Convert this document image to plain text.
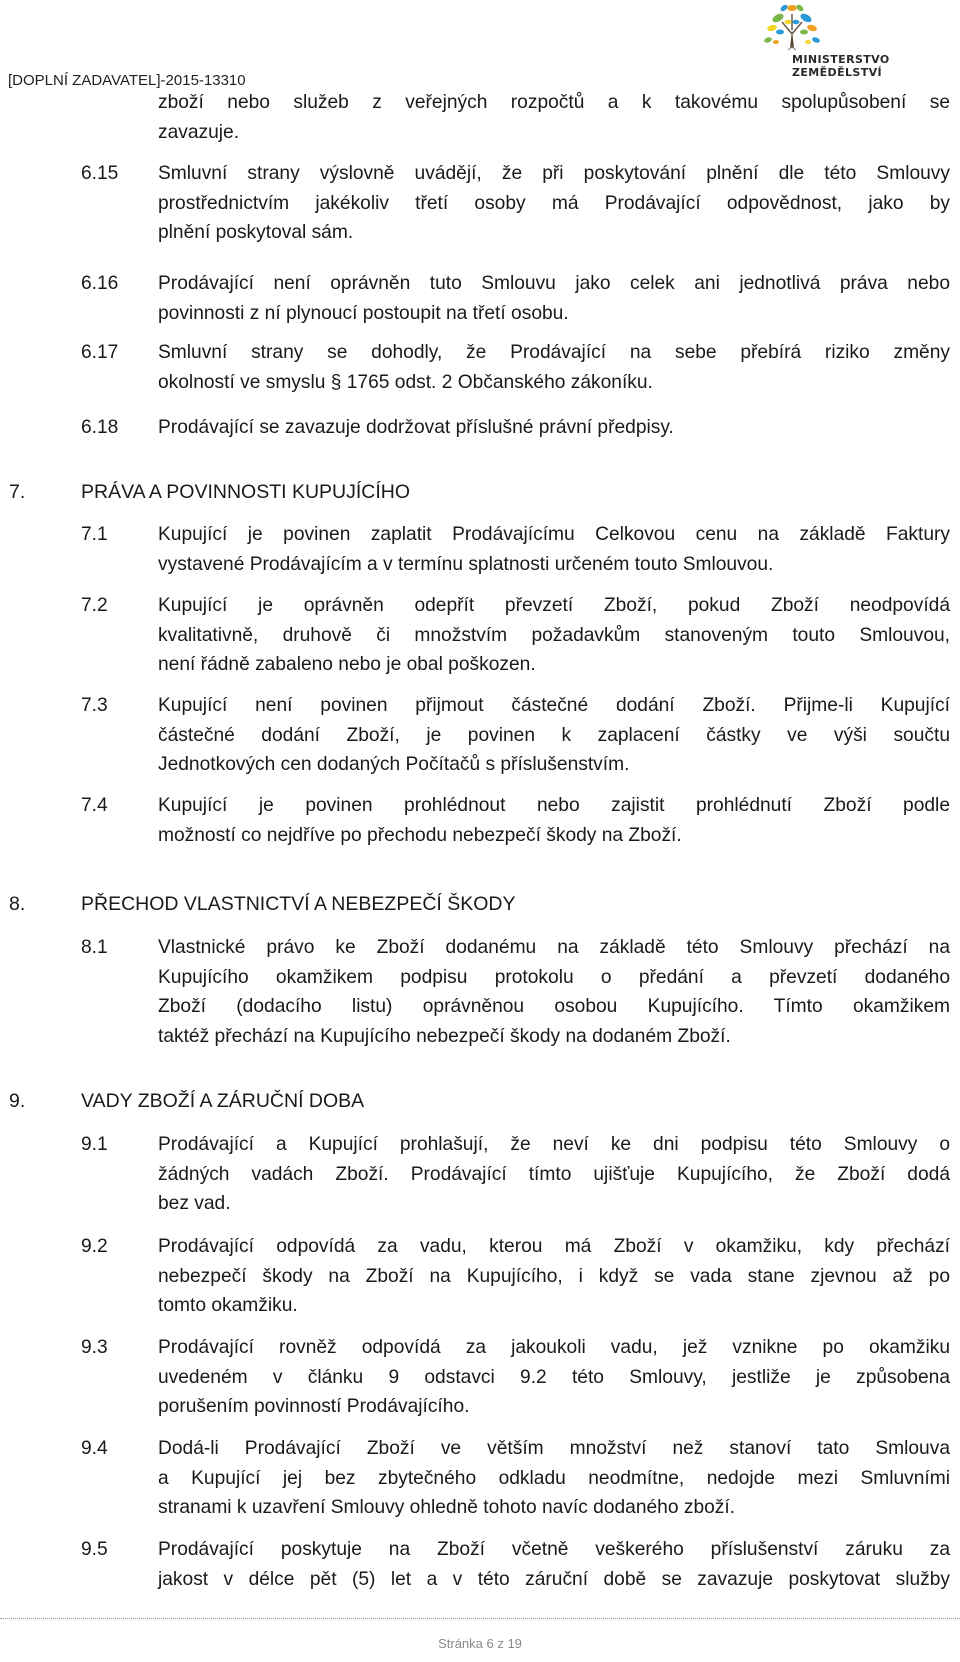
[DOPLNÍ ZADAVATEL]-2015-13310
MINISTERSTVO ZEMĚDĚLSTVÍ
zboží nebo služeb z veřejných rozpočtů a k takovému spolupůsobení se
zavazuje.
6.15 Smluvní strany výslovně uvádějí, že při poskytování plnění dle této Smlouvy
prostřednictvím jakékoliv třetí osoby má Prodávající odpovědnost, jako by
plnění poskytoval sám.
6.16 Prodávající není oprávněn tuto Smlouvu jako celek ani jednotlivá práva nebo
povinnosti z ní plynoucí postoupit na třetí osobu.
6.17 Smluvní strany se dohodly, že Prodávající na sebe přebírá riziko změny
okolností ve smyslu § 1765 odst. 2 Občanského zákoníku.
6.18 Prodávající se zavazuje dodržovat příslušné právní předpisy.
7.	PRÁVA A POVINNOSTI KUPUJÍCÍHO
7.1	Kupující je povinen zaplatit Prodávajícímu Celkovou cenu na základě Faktury
vystavené Prodávajícím a v termínu splatnosti určeném touto Smlouvou.
7.2	Kupující je oprávněn odepřít převzetí Zboží, pokud Zboží neodpovídá
kvalitativně, druhově či množstvím požadavkům stanoveným touto Smlouvou,
není řádně zabaleno nebo je obal poškozen.
7.3	Kupující není povinen přijmout částečné dodání Zboží. Přijme-li Kupující
částečné dodání Zboží, je povinen k zaplacení částky ve výši součtu
Jednotkových cen dodaných Počítačů s příslušenstvím.
7.4	Kupující je povinen prohlédnout nebo zajistit prohlédnutí Zboží podle
možností co nejdříve po přechodu nebezpečí škody na Zboží.
8.	PŘECHOD VLASTNICTVÍ A NEBEZPEČÍ ŠKODY
8.1	Vlastnické právo ke Zboží dodanému na základě této Smlouvy přechází na
Kupujícího okamžikem podpisu protokolu o předání a převzetí dodaného
Zboží (dodacího listu) oprávněnou osobou Kupujícího. Tímto okamžikem
taktéž přechází na Kupujícího nebezpečí škody na dodaném Zboží.
9.	VADY ZBOŽÍ A ZÁRUČNÍ DOBA
9.1	Prodávající a Kupující prohlašují, že neví ke dni podpisu této Smlouvy o
žádných vadách Zboží. Prodávající tímto ujišťuje Kupujícího, že Zboží dodá
bez vad.
9.2	Prodávající odpovídá za vadu, kterou má Zboží v okamžiku, kdy přechází
nebezpečí škody na Zboží na Kupujícího, i když se vada stane zjevnou až po
tomto okamžiku.
9.3	Prodávající rovněž odpovídá za jakoukoli vadu, jež vznikne po okamžiku
uvedeném v článku 9 odstavci 9.2 této Smlouvy, jestliže je způsobena
porušením povinností Prodávajícího.
9.4	Dodá-li Prodávající Zboží ve větším množství než stanoví tato Smlouva
a Kupující jej bez zbytečného odkladu neodmítne, nedojde mezi Smluvními
stranami k uzavření Smlouvy ohledně tohoto navíc dodaného zboží.
9.5	Prodávající poskytuje na Zboží včetně veškerého příslušenství záruku za
jakost v délce pět (5) let a v této záruční době se zavazuje poskytovat služby
Stránka 6 z 19
